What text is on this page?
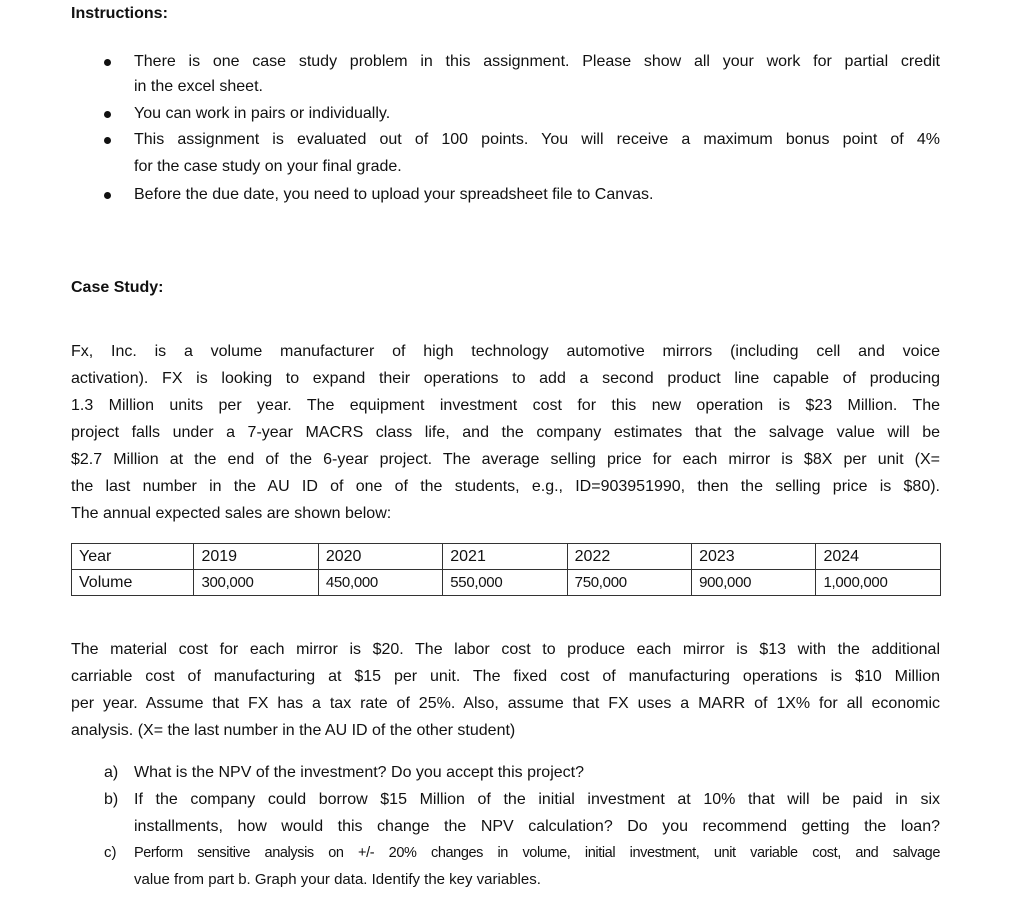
Instructions:
There is one case study problem in this assignment. Please show all your work for partial credit
in the excel sheet.
You can work in pairs or individually.
This assignment is evaluated out of 100 points. You will receive a maximum bonus point of 4%
for the case study on your final grade.
Before the due date, you need to upload your spreadsheet file to Canvas.
Case Study:
Fx, Inc. is a volume manufacturer of high technology automotive mirrors (including cell and voice
activation). FX is looking to expand their operations to add a second product line capable of producing
1.3 Million units per year. The equipment investment cost for this new operation is $23 Million. The
project falls under a 7-year MACRS class life, and the company estimates that the salvage value will be
$2.7 Million at the end of the 6-year project. The average selling price for each mirror is $8X per unit (X=
the last number in the AU ID of one of the students, e.g., ID=903951990, then the selling price is $80).
The annual expected sales are shown below:
Year	2019	2020	2021	2022	2023	2024
Volume	300,000	450,000	550,000	750,000	900,000	1,000,000
The material cost for each mirror is $20. The labor cost to produce each mirror is $13 with the additional
carriable cost of manufacturing at $15 per unit. The fixed cost of manufacturing operations is $10 Million
per year. Assume that FX has a tax rate of 25%. Also, assume that FX uses a MARR of 1X% for all economic
analysis. (X= the last number in the AU ID of the other student)
a) What is the NPV of the investment? Do you accept this project?
b) If the company could borrow $15 Million of the initial investment at 10% that will be paid in six
installments, how would this change the NPV calculation? Do you recommend getting the loan?
c) Perform sensitive analysis on +/- 20% changes in volume, initial investment, unit variable cost, and salvage
value from part b. Graph your data. Identify the key variables.
